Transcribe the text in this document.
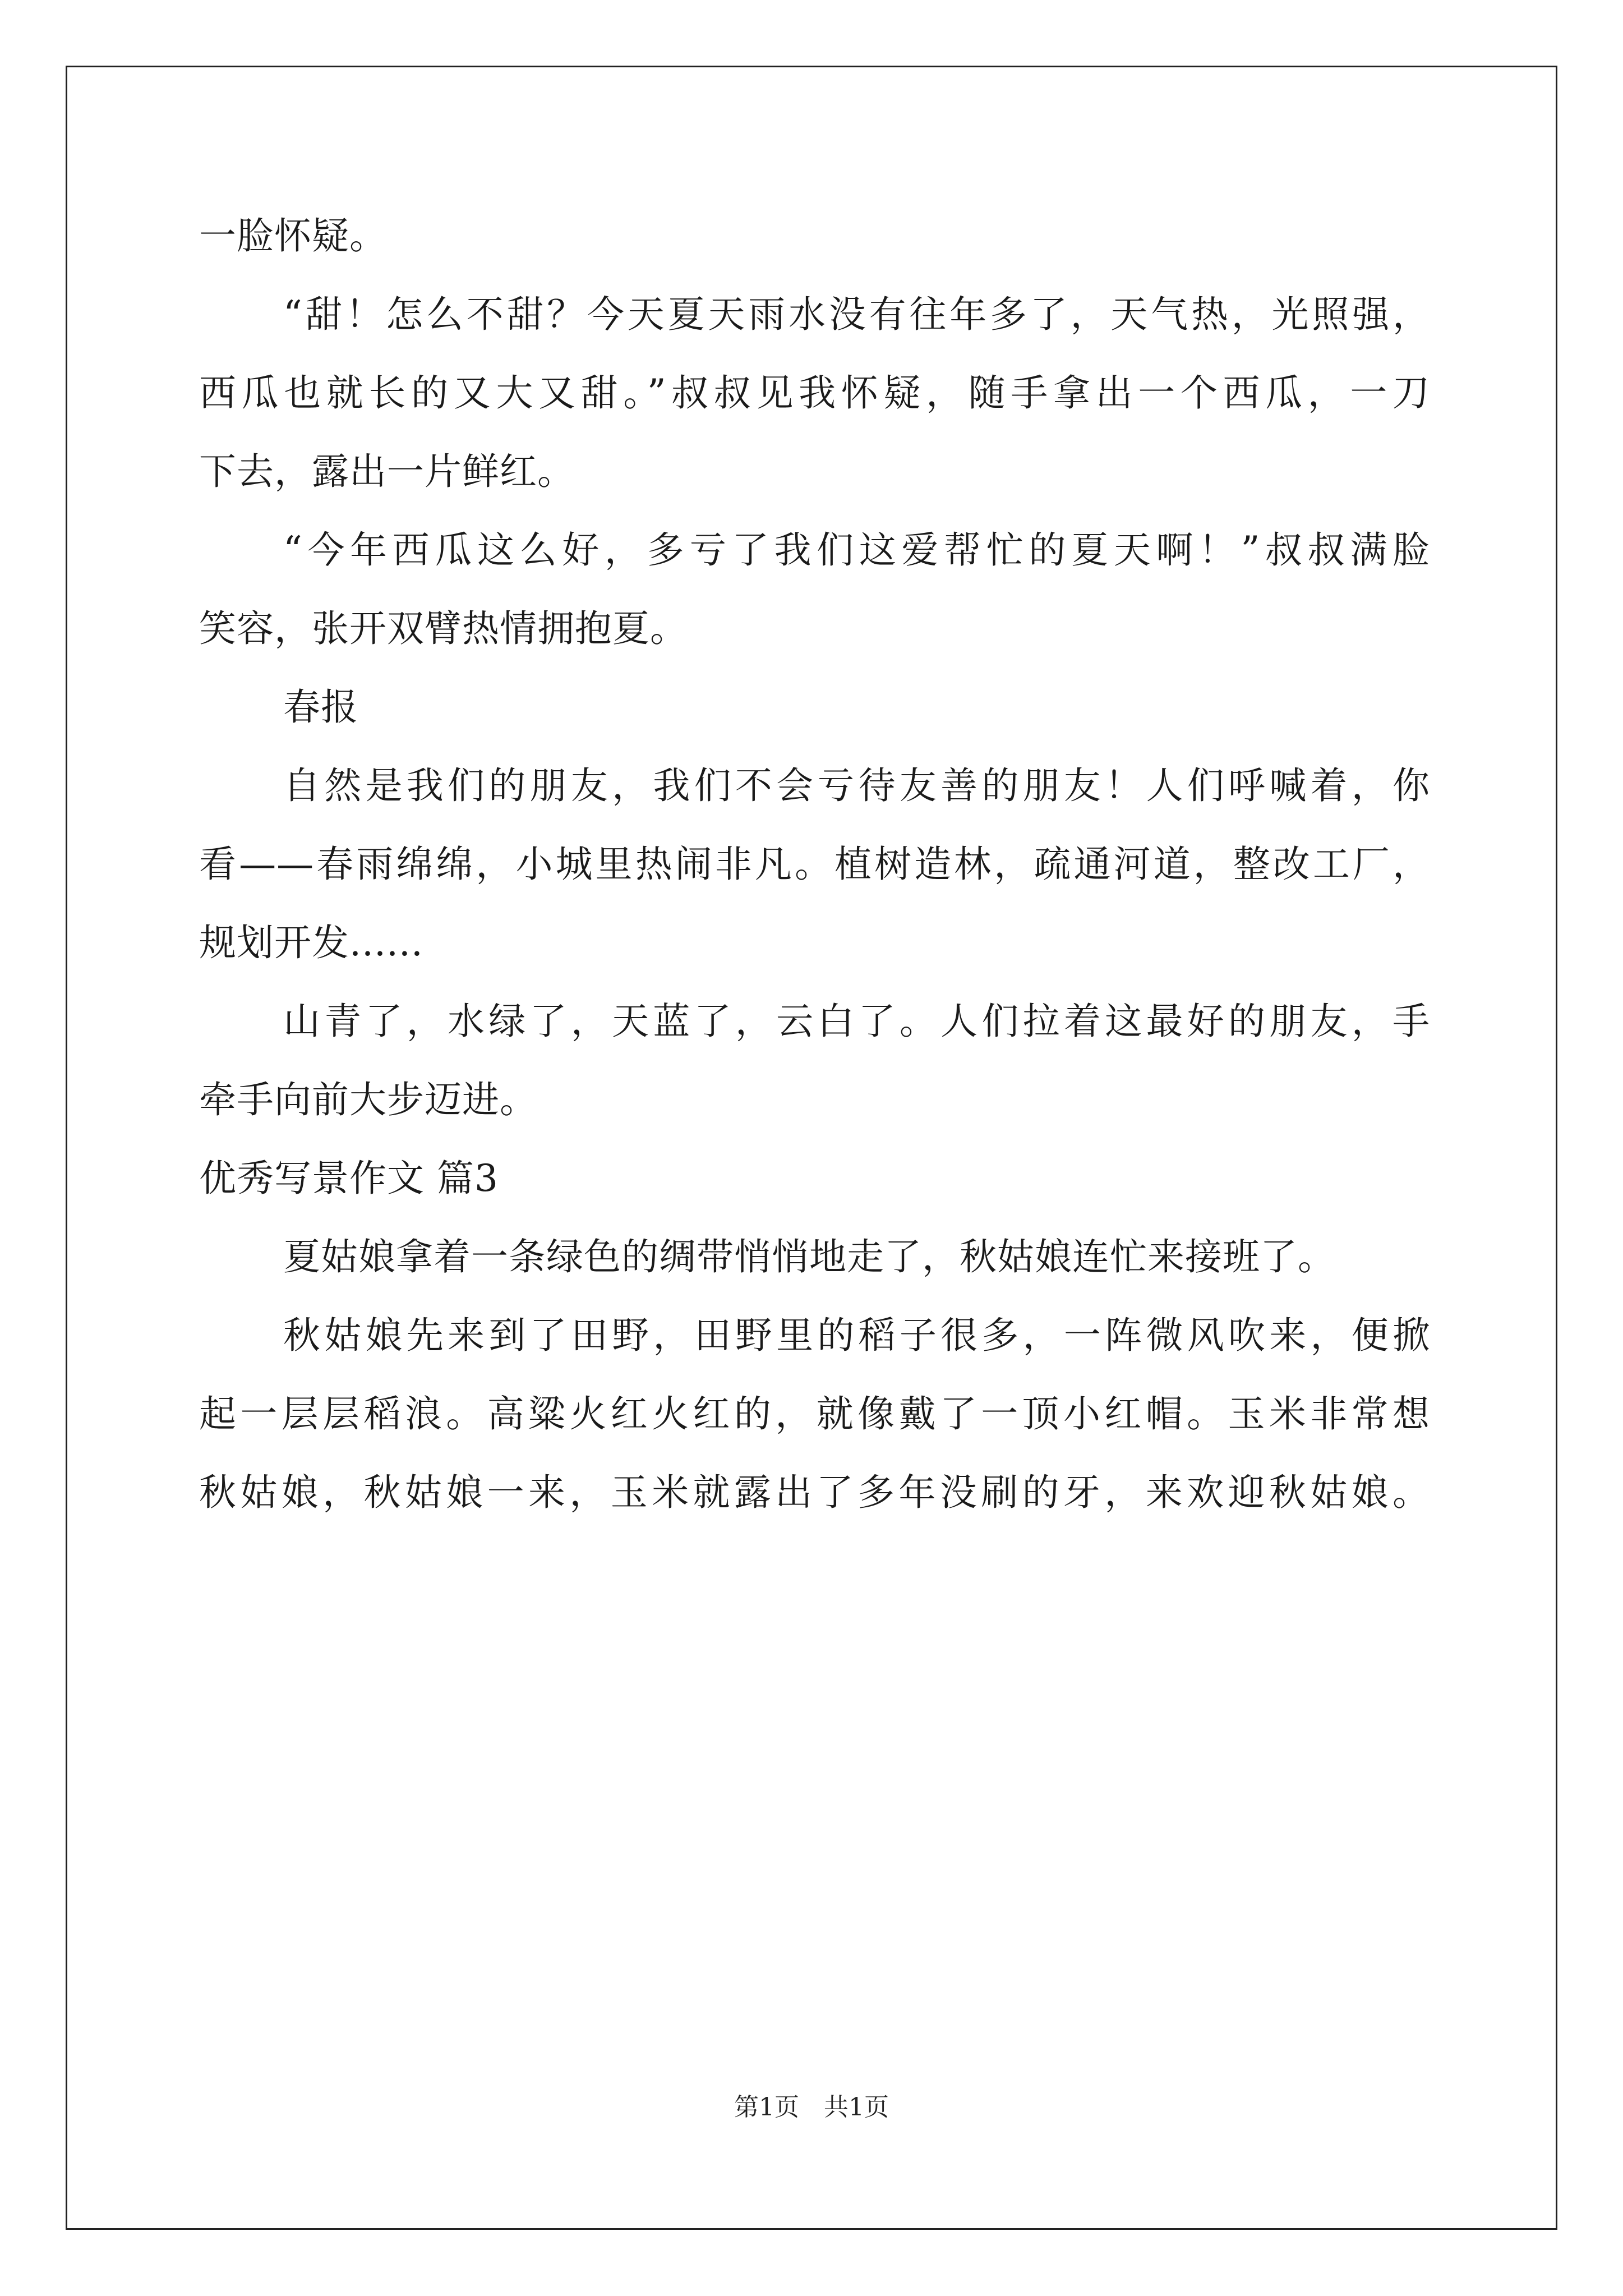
一脸怀疑。
“甜！怎么不甜？今天夏天雨水没有往年多了，天气热，光照强，
西瓜也就长的又大又甜。”叔叔见我怀疑，随手拿出一个西瓜，一刀
下去，露出一片鲜红。
“今年西瓜这么好，多亏了我们这爱帮忙的夏天啊！”叔叔满脸
笑容，张开双臂热情拥抱夏。
春报
自然是我们的朋友，我们不会亏待友善的朋友！人们呼喊着，你
看——春雨绵绵，小城里热闹非凡。植树造林，疏通河道，整改工厂，
规划开发......
山青了，水绿了，天蓝了，云白了。人们拉着这最好的朋友，手
牵手向前大步迈进。
优秀写景作文 篇3
夏姑娘拿着一条绿色的绸带悄悄地走了，秋姑娘连忙来接班了。
秋姑娘先来到了田野，田野里的稻子很多，一阵微风吹来，便掀
起一层层稻浪。高粱火红火红的，就像戴了一顶小红帽。玉米非常想
秋姑娘，秋姑娘一来，玉米就露出了多年没刷的牙，来欢迎秋姑娘。
第1页　共1页
